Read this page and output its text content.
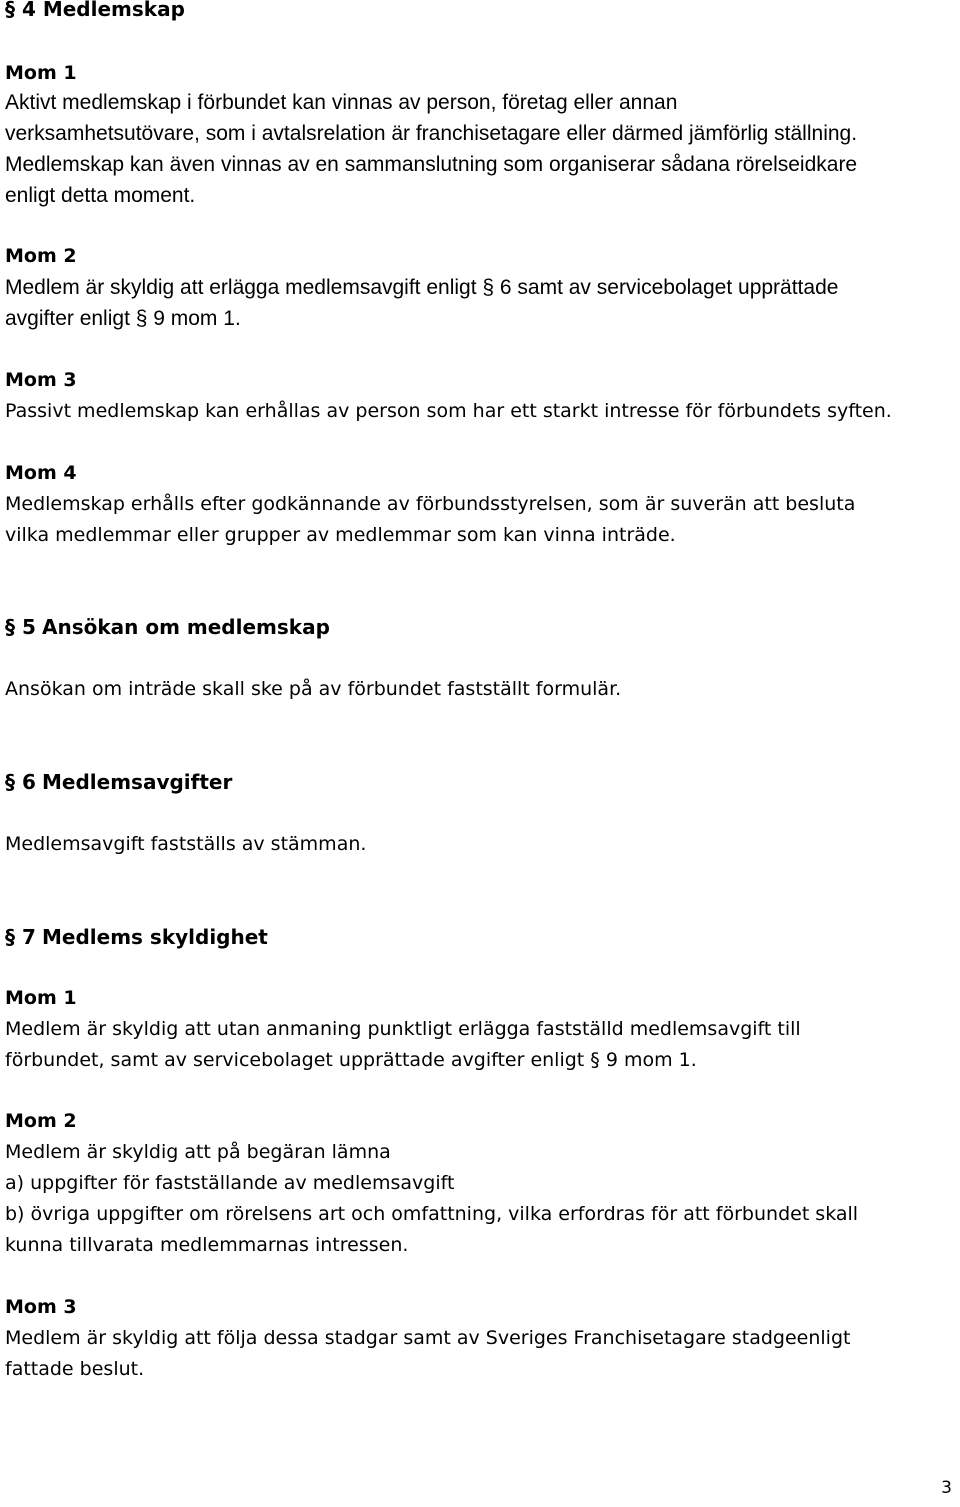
§ 4 Medlemskap
Mom 1
Aktivt medlemskap i förbundet kan vinnas av person, företag eller annan
verksamhetsutövare, som i avtalsrelation är franchisetagare eller därmed jämförlig ställning.
Medlemskap kan även vinnas av en sammanslutning som organiserar sådana rörelseidkare
enligt detta moment.
Mom 2
Medlem är skyldig att erlägga medlemsavgift enligt § 6 samt av servicebolaget upprättade
avgifter enligt § 9 mom 1.
Mom 3
Passivt medlemskap kan erhållas av person som har ett starkt intresse för förbundets syften.
Mom 4
Medlemskap erhålls efter godkännande av förbundsstyrelsen, som är suverän att besluta
vilka medlemmar eller grupper av medlemmar som kan vinna inträde.
§ 5 Ansökan om medlemskap
Ansökan om inträde skall ske på av förbundet fastställt formulär.
§ 6 Medlemsavgifter
Medlemsavgift fastställs av stämman.
§ 7 Medlems skyldighet
Mom 1
Medlem är skyldig att utan anmaning punktligt erlägga fastställd medlemsavgift till
förbundet, samt av servicebolaget upprättade avgifter enligt § 9 mom 1.
Mom 2
Medlem är skyldig att på begäran lämna
a) uppgifter för fastställande av medlemsavgift
b) övriga uppgifter om rörelsens art och omfattning, vilka erfordras för att förbundet skall
kunna tillvarata medlemmarnas intressen.
Mom 3
Medlem är skyldig att följa dessa stadgar samt av Sveriges Franchisetagare stadgeenligt
fattade beslut.
3
